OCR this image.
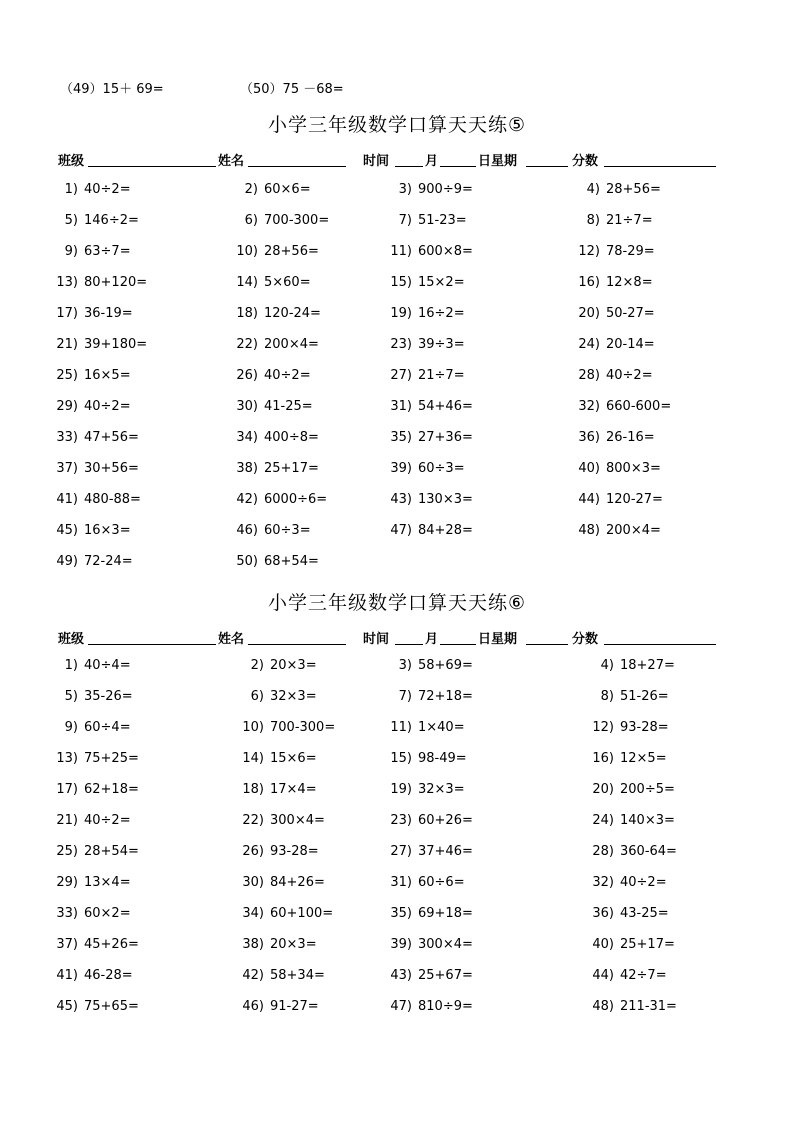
（49）15＋ 69=	（50）75 －68=
小学三年级数学口算天天练⑤
班级	姓名	时间	月	日星期	分数
1) 40÷2=	2) 60×6=	3) 900÷9=	4) 28+56=
5) 146÷2=	6) 700-300=	7) 51-23=	8) 21÷7=
9) 63÷7=	10) 28+56=	11) 600×8=	12) 78-29=
13) 80+120=	14) 5×60=	15) 15×2=	16) 12×8=
17) 36-19=	18) 120-24=	19) 16÷2=	20) 50-27=
21) 39+180=	22) 200×4=	23) 39÷3=	24) 20-14=
25) 16×5=	26) 40÷2=	27) 21÷7=	28) 40÷2=
29) 40÷2=	30) 41-25=	31) 54+46=	32) 660-600=
33) 47+56=	34) 400÷8=	35) 27+36=	36) 26-16=
37) 30+56=	38) 25+17=	39) 60÷3=	40) 800×3=
41) 480-88=	42) 6000÷6=	43) 130×3=	44) 120-27=
45) 16×3=	46) 60÷3=	47) 84+28=	48) 200×4=
49) 72-24=	50) 68+54=
小学三年级数学口算天天练⑥
班级	姓名	时间	月	日星期	分数
1) 40÷4=	2) 20×3=	3) 58+69=	4) 18+27=
5) 35-26=	6) 32×3=	7) 72+18=	8) 51-26=
9) 60÷4=	10) 700-300=	11) 1×40=	12) 93-28=
13) 75+25=	14) 15×6=	15) 98-49=	16) 12×5=
17) 62+18=	18) 17×4=	19) 32×3=	20) 200÷5=
21) 40÷2=	22) 300×4=	23) 60+26=	24) 140×3=
25) 28+54=	26) 93-28=	27) 37+46=	28) 360-64=
29) 13×4=	30) 84+26=	31) 60÷6=	32) 40÷2=
33) 60×2=	34) 60+100=	35) 69+18=	36) 43-25=
37) 45+26=	38) 20×3=	39) 300×4=	40) 25+17=
41) 46-28=	42) 58+34=	43) 25+67=	44) 42÷7=
45) 75+65=	46) 91-27=	47) 810÷9=	48) 211-31=
